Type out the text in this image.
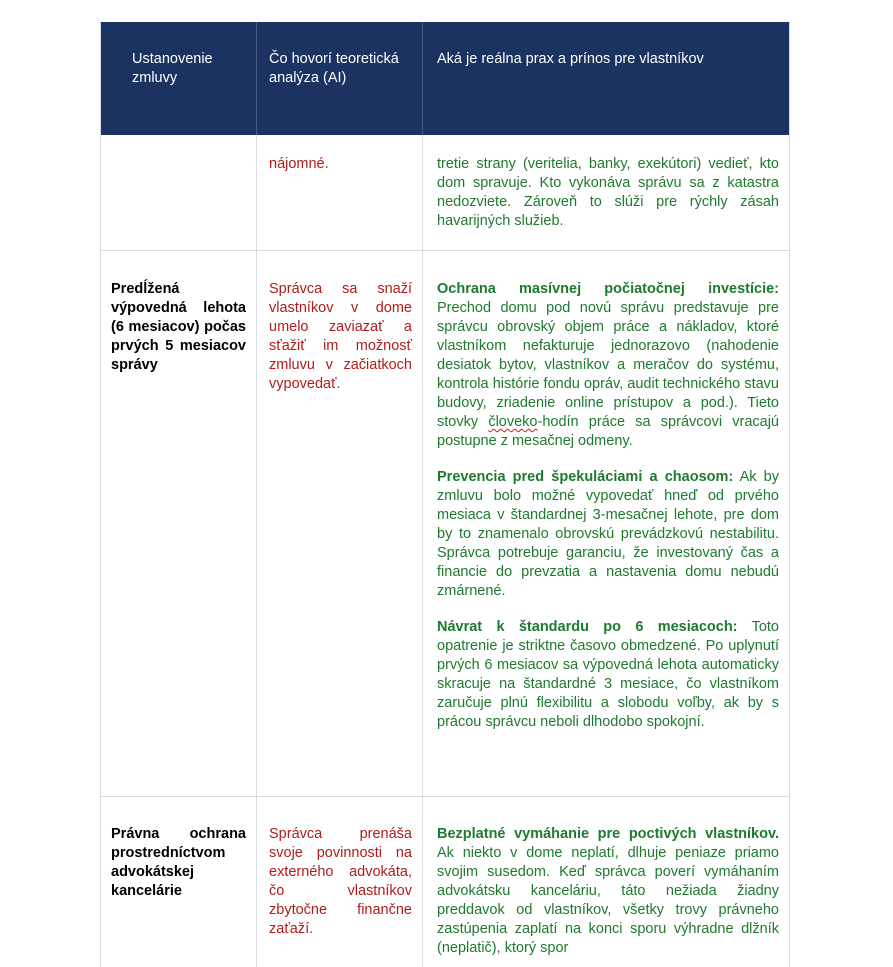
Ustanovenie zmluvy
Čo hovorí teoretická analýza (AI)
Aká je reálna prax a prínos pre vlastníkov
nájomné.	tretie strany (veritelia, banky, exekútori) vedieť, kto dom spravuje. Kto vykonáva správu sa z katastra nedozviete. Zároveň to slúži pre rýchly zásah havarijných služieb.
Predĺžená výpovedná lehota (6 mesiacov) počas prvých 5 mesiacov správy
Správca sa snaží vlastníkov v dome umelo zaviazať a sťažiť im možnosť zmluvu v začiatkoch vypovedať.
Ochrana masívnej počiatočnej investície: Prechod domu pod novú správu predstavuje pre správcu obrovský objem práce a nákladov, ktoré vlastníkom nefakturuje jednorazovo (nahodenie desiatok bytov, vlastníkov a meračov do systému, kontrola histórie fondu opráv, audit technického stavu budovy, zriadenie online prístupov a pod.). Tieto stovky človeko-hodín práce sa správcovi vracajú postupne z mesačnej odmeny.
Prevencia pred špekuláciami a chaosom: Ak by zmluvu bolo možné vypovedať hneď od prvého mesiaca v štandardnej 3-mesačnej lehote, pre dom by to znamenalo obrovskú prevádzkovú nestabilitu. Správca potrebuje garanciu, že investovaný čas a financie do prevzatia a nastavenia domu nebudú zmárnené.
Návrat k štandardu po 6 mesiacoch: Toto opatrenie je striktne časovo obmedzené. Po uplynutí prvých 6 mesiacov sa výpovedná lehota automaticky skracuje na štandardné 3 mesiace, čo vlastníkom zaručuje plnú flexibilitu a slobodu voľby, ak by s prácou správcu neboli dlhodobo spokojní.
Právna ochrana prostredníctvom advokátskej kancelárie
Správca prenáša svoje povinnosti na externého advokáta, čo vlastníkov zbytočne finančne zaťaží.
Bezplatné vymáhanie pre poctivých vlastníkov. Ak niekto v dome neplatí, dlhuje peniaze priamo svojim susedom. Keď správca poverí vymáhaním advokátsku kanceláriu, táto nežiada žiadny preddavok od vlastníkov, všetky trovy právneho zastúpenia zaplatí na konci sporu výhradne dlžník (neplatič), ktorý spor
